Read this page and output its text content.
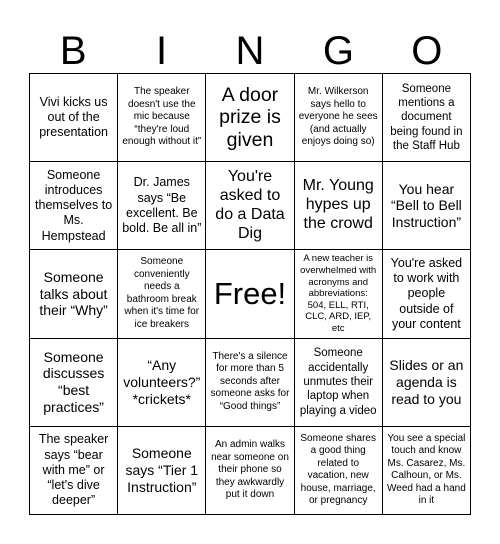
B	I	N	G	O
Vivi kicks us out of the presentation
The speaker doesn't use the mic because “they're loud enough without it”
A door prize is given
Mr. Wilkerson says hello to everyone he sees (and actually enjoys doing so)
Someone mentions a document being found in the Staff Hub
Someone introduces themselves to Ms. Hempstead
Dr. James says “Be excellent. Be bold. Be all in”
You're asked to do a Data Dig
Mr. Young hypes up the crowd
You hear “Bell to Bell Instruction”
Someone talks about their “Why”
Someone conveniently needs a bathroom break when it's time for ice breakers
Free!
A new teacher is overwhelmed with acronyms and abbreviations: 504, ELL, RTI, CLC, ARD, IEP, etc
You're asked to work with people outside of your content
Someone discusses “best practices”
“Any volunteers?” *crickets*
There's a silence for more than 5 seconds after someone asks for “Good things”
Someone accidentally unmutes their laptop when playing a video
Slides or an agenda is read to you
The speaker says “bear with me” or “let's dive deeper”
Someone says “Tier 1 Instruction”
An admin walks near someone on their phone so they awkwardly put it down
Someone shares a good thing related to vacation, new house, marriage, or pregnancy
You see a special touch and know Ms. Casarez, Ms. Calhoun, or Ms. Weed had a hand in it
